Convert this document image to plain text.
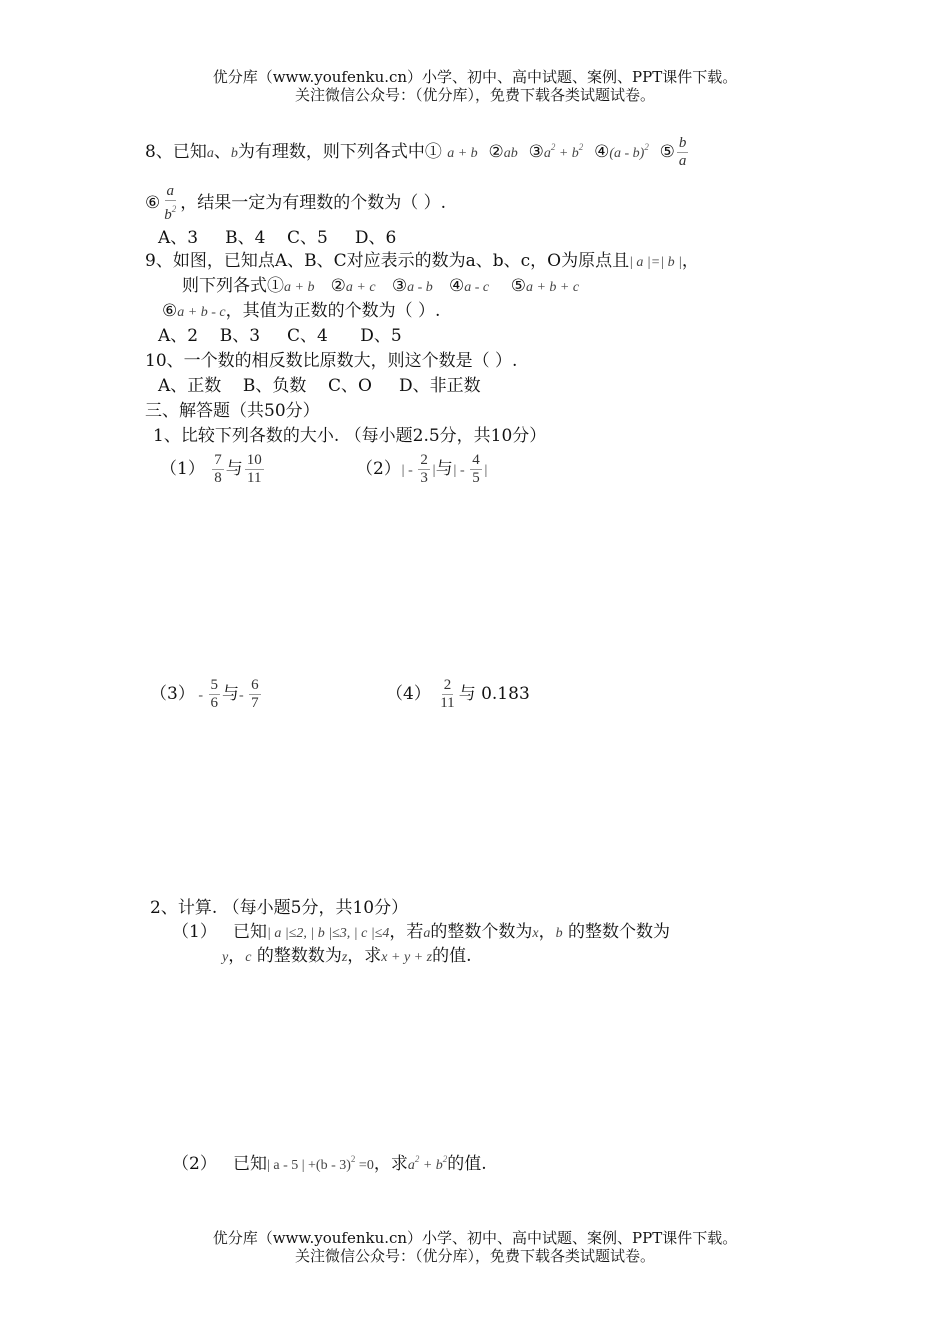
优分库（www.youfenku.cn）小学、初中、高中试题、案例、PPT课件下载。
关注微信公众号：（优分库），免费下载各类试题试卷。
8、已知a、b为有理数，则下列各式中① a + b ②ab $③a^2 + b^2$ ④(a - b)$^2$ ⑤ $\frac{b}{a}$
⑥ $\frac{a}{b^2}$ ，结果一定为有理数的个数为（ ）.
A、3     B、4    C、5     D、6
9、如图，已知点A、B、C对应表示的数为a、b、c，O为原点且| a |=| b |，
则下列各式①a + b ②a + c ③a - b ④a - c ⑤a + b + c
⑥a + b - c，其值为正数的个数为（ ）.
A、2    B、3     C、4      D、5
10、一个数的相反数比原数大，则这个数是（ ）.
A、正数    B、负数    C、O     D、非正数
三、解答题（共50分）
1、比较下列各数的大小. （每小题2.5分，共10分）
$(1) \frac{7}{8}$ 与 $\frac{10}{11}$	$(2)| - \frac{2}{3}$ |与| - $\frac{4}{5}$ |
$(3) - \frac{5}{6}$ 与- $\frac{6}{7}$	$(4) \frac{2}{11}$ 与 0.183
2、计算. （每小题5分，共10分）
（1） 已知| a |≤2, | b |≤3, | c |≤4，若a的整数个数为x，b 的整数个数为
y，c 的整数数为z，求x + y + z的值.
（2） 已知| a - 5 | +(b - 3)$^2$ =0，求$a^2 + b^2$的值.
优分库（www.youfenku.cn）小学、初中、高中试题、案例、PPT课件下载。
关注微信公众号：（优分库），免费下载各类试题试卷。
